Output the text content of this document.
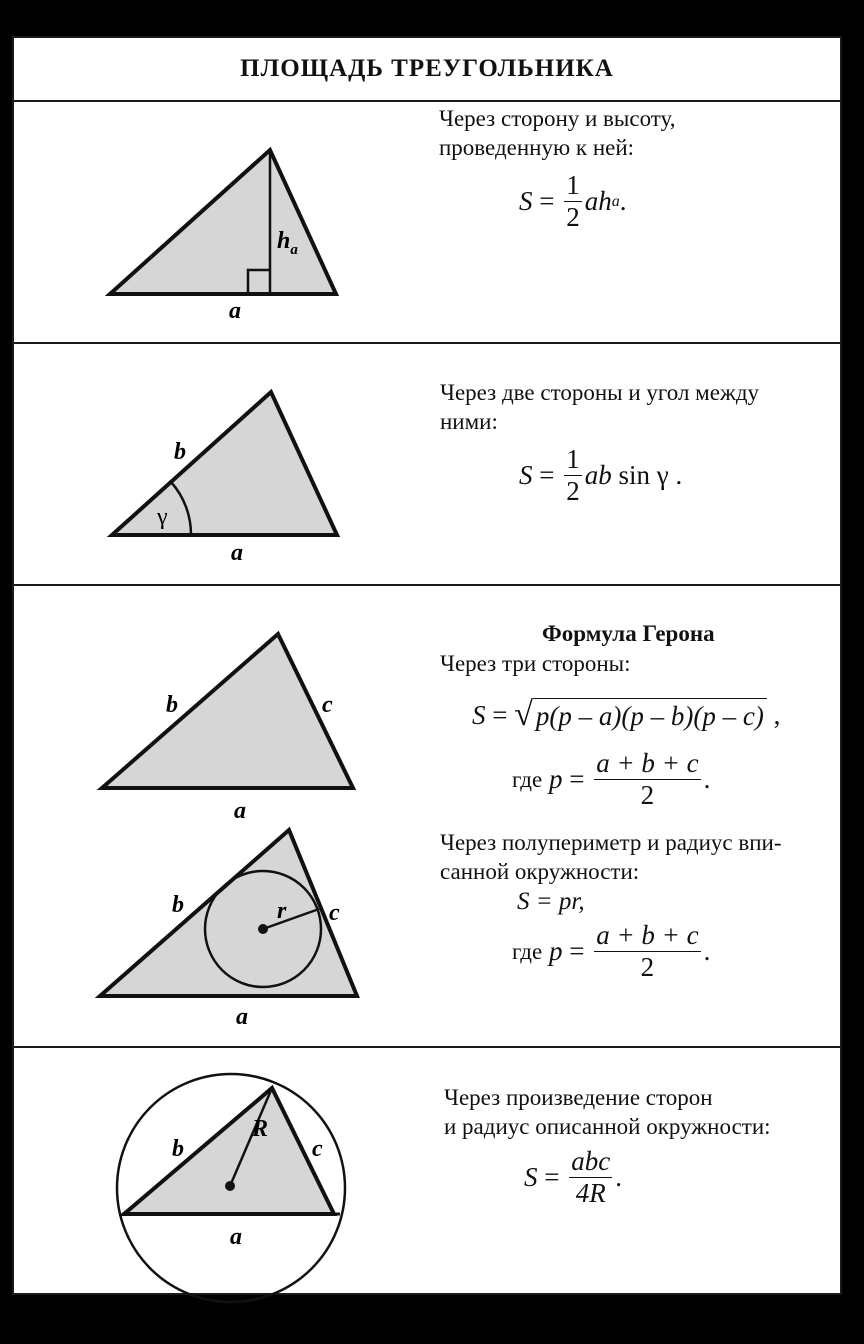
ПЛОЩАДЬ ТРЕУГОЛЬНИКА
a
$h_a$
Через сторону и высоту,
проведенную к ней:
S
=
$\frac{1}{2}$ ah a .
γ
b
a
Через две стороны и угол между
ними:
S
=
$\frac{1}{2}$ ab
sin γ
.
b	c
a
Формула Герона
Через три стороны:
S
=
√ p(p – a)(p – b)(p – c)
,
где
p
=
$\frac{a + b + c}{2}$ .
b	c
r
a
Через полупериметр и радиус впи-
санной окружности:
S = pr,
где
p
=
$\frac{a + b + c}{2}$ .
b	c
R
a
Через произведение сторон
и радиус описанной окружности:
S
=
$\frac{\text{abc}}{4R}$ .
